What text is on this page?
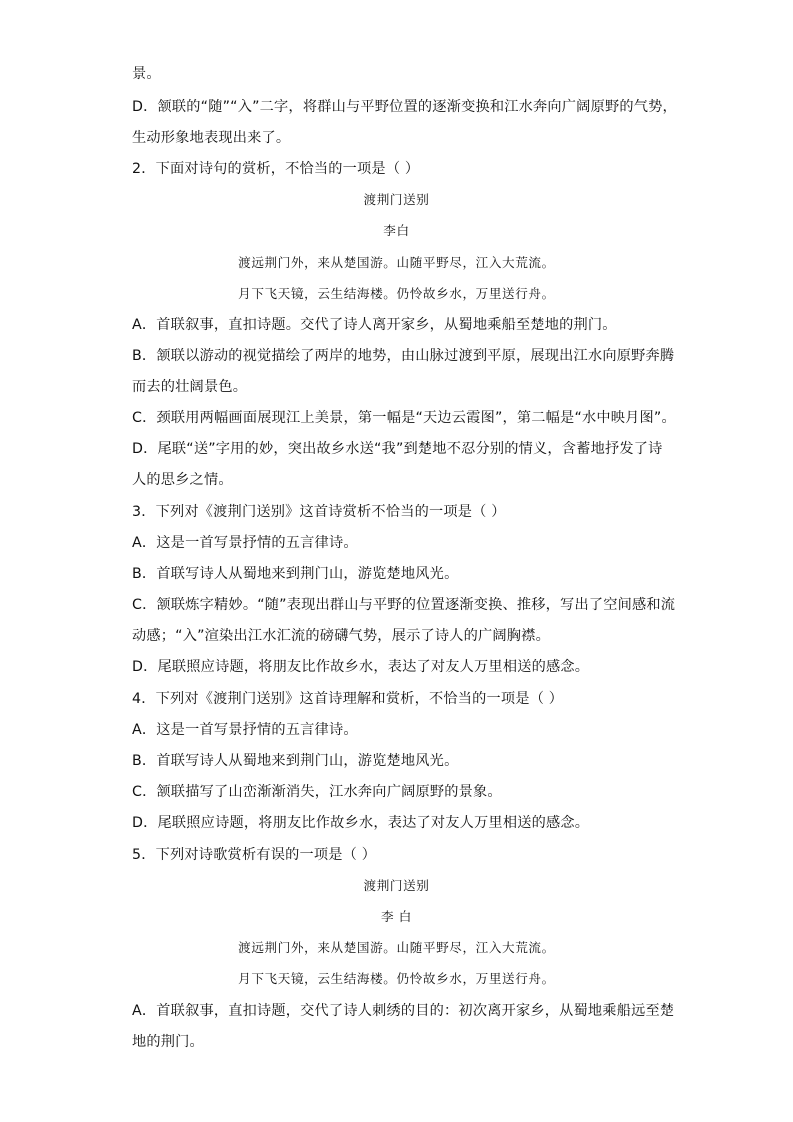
景。
D．颔联的“随”“入”二字，将群山与平野位置的逐渐变换和江水奔向广阔原野的气势，
生动形象地表现出来了。
2．下面对诗句的赏析，不恰当的一项是（ ）
渡荆门送别
李白
渡远荆门外，来从楚国游。山随平野尽，江入大荒流。
月下飞天镜，云生结海楼。仍怜故乡水，万里送行舟。
A．首联叙事，直扣诗题。交代了诗人离开家乡，从蜀地乘船至楚地的荆门。
B．颔联以游动的视觉描绘了两岸的地势，由山脉过渡到平原，展现出江水向原野奔腾
而去的壮阔景色。
C．颈联用两幅画面展现江上美景，第一幅是“天边云霞图”，第二幅是“水中映月图”。
D．尾联“送”字用的妙，突出故乡水送“我”到楚地不忍分别的情义，含蓄地抒发了诗
人的思乡之情。
3．下列对《渡荆门送别》这首诗赏析不恰当的一项是（ ）
A．这是一首写景抒情的五言律诗。
B．首联写诗人从蜀地来到荆门山，游览楚地风光。
C．颔联炼字精妙。“随”表现出群山与平野的位置逐渐变换、推移，写出了空间感和流
动感；“入”渲染出江水汇流的磅礴气势，展示了诗人的广阔胸襟。
D．尾联照应诗题，将朋友比作故乡水，表达了对友人万里相送的感念。
4．下列对《渡荆门送别》这首诗理解和赏析，不恰当的一项是（ ）
A．这是一首写景抒情的五言律诗。
B．首联写诗人从蜀地来到荆门山，游览楚地风光。
C．颔联描写了山峦渐渐消失，江水奔向广阔原野的景象。
D．尾联照应诗题，将朋友比作故乡水，表达了对友人万里相送的感念。
5．下列对诗歌赏析有误的一项是（ ）
渡荆门送别
李 白
渡远荆门外，来从楚国游。山随平野尽，江入大荒流。
月下飞天镜，云生结海楼。仍怜故乡水，万里送行舟。
A．首联叙事，直扣诗题，交代了诗人刺绣的目的：初次离开家乡，从蜀地乘船远至楚
地的荆门。
